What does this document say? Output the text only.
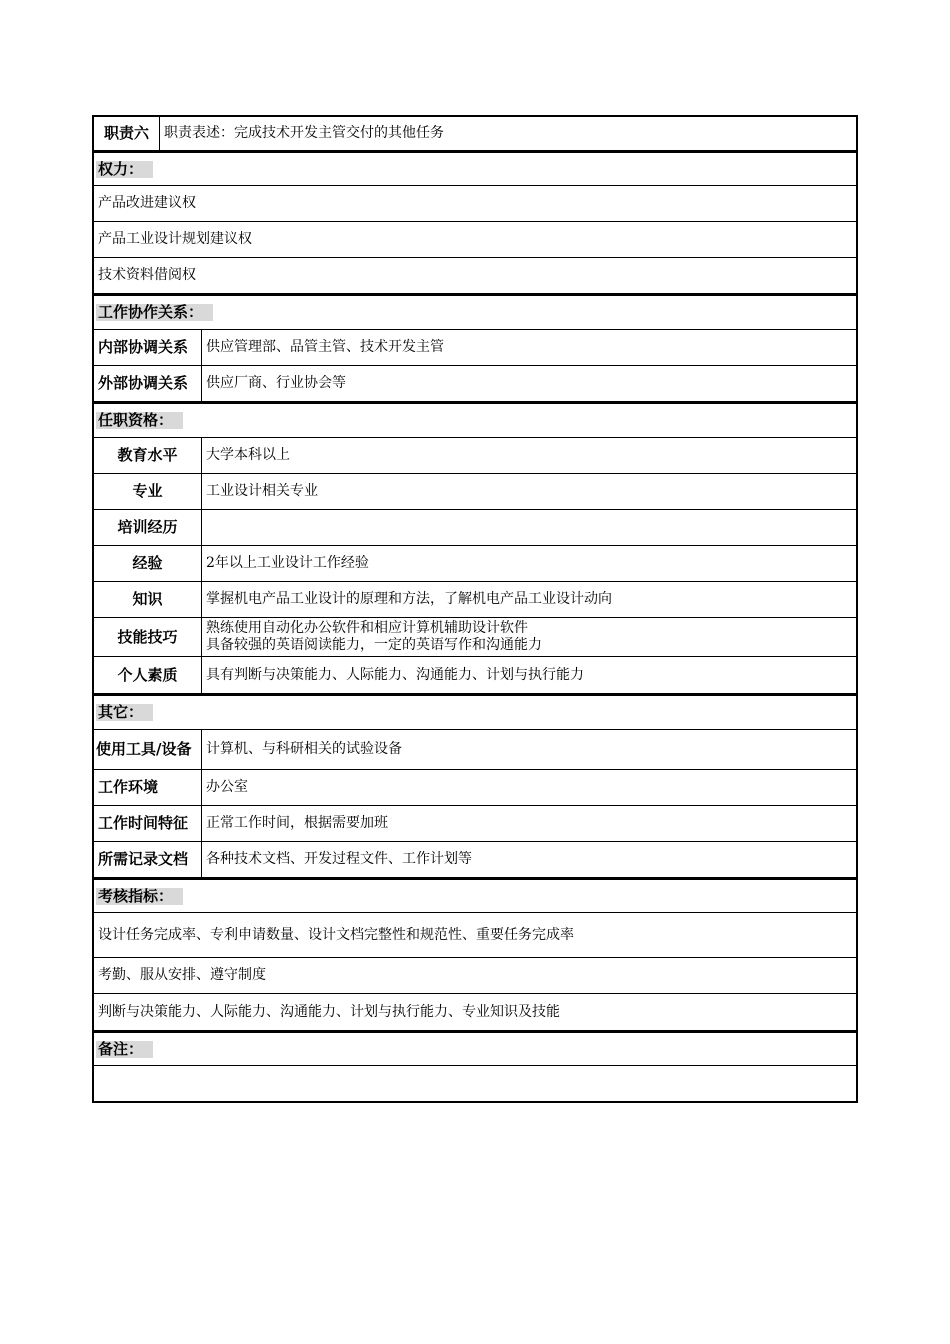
职责六	职责表述：完成技术开发主管交付的其他任务
权力：
产品改进建议权
产品工业设计规划建议权
技术资料借阅权
工作协作关系：
内部协调关系	供应管理部、品管主管、技术开发主管
外部协调关系	供应厂商、行业协会等
任职资格：
教育水平	大学本科以上
专业	工业设计相关专业
培训经历
经验	2年以上工业设计工作经验
知识	掌握机电产品工业设计的原理和方法，了解机电产品工业设计动向
技能技巧	熟练使用自动化办公软件和相应计算机辅助设计软件
具备较强的英语阅读能力，一定的英语写作和沟通能力
个人素质	具有判断与决策能力、人际能力、沟通能力、计划与执行能力
其它：
使用工具/设备	计算机、与科研相关的试验设备
工作环境	办公室
工作时间特征	正常工作时间，根据需要加班
所需记录文档	各种技术文档、开发过程文件、工作计划等
考核指标：
设计任务完成率、专利申请数量、设计文档完整性和规范性、重要任务完成率
考勤、服从安排、遵守制度
判断与决策能力、人际能力、沟通能力、计划与执行能力、专业知识及技能
备注：
